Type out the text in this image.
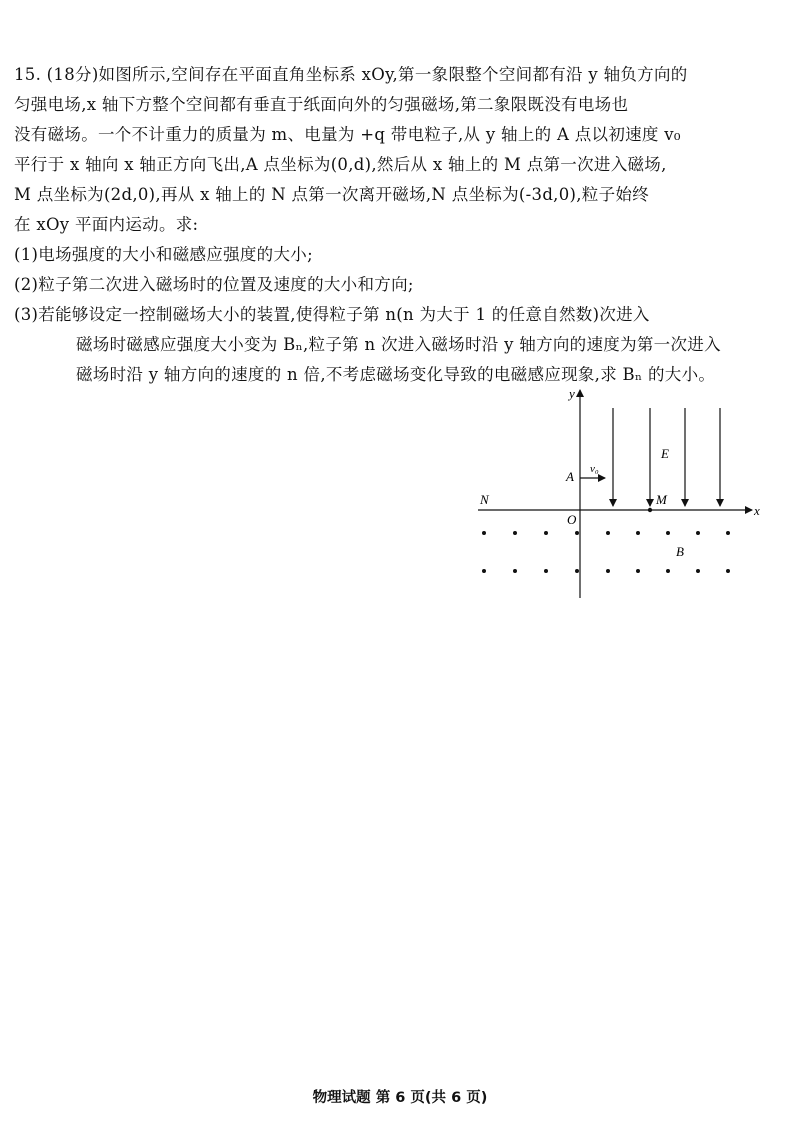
15. (18分)如图所示,空间存在平面直角坐标系 xOy,第一象限整个空间都有沿 y 轴负方向的

匀强电场,x 轴下方整个空间都有垂直于纸面向外的匀强磁场,第二象限既没有电场也

没有磁场。一个不计重力的质量为 m、电量为 +q 带电粒子,从 y 轴上的 A 点以初速度 v₀

平行于 x 轴向 x 轴正方向飞出,A 点坐标为(0,d),然后从 x 轴上的 M 点第一次进入磁场,

M 点坐标为(2d,0),再从 x 轴上的 N 点第一次离开磁场,N 点坐标为(-3d,0),粒子始终

在 xOy 平面内运动。求:

(1)电场强度的大小和磁感应强度的大小;

(2)粒子第二次进入磁场时的位置及速度的大小和方向;

(3)若能够设定一控制磁场大小的装置,使得粒子第 n(n 为大于 1 的任意自然数)次进入

磁场时磁感应强度大小变为 Bₙ,粒子第 n 次进入磁场时沿 y 轴方向的速度为第一次进入

磁场时沿 y 轴方向的速度的 n 倍,不考虑磁场变化导致的电磁感应现象,求 Bₙ 的大小。

y
x
O
A v₀
E
M
N
B
物理试题 第 6 页(共 6 页)
